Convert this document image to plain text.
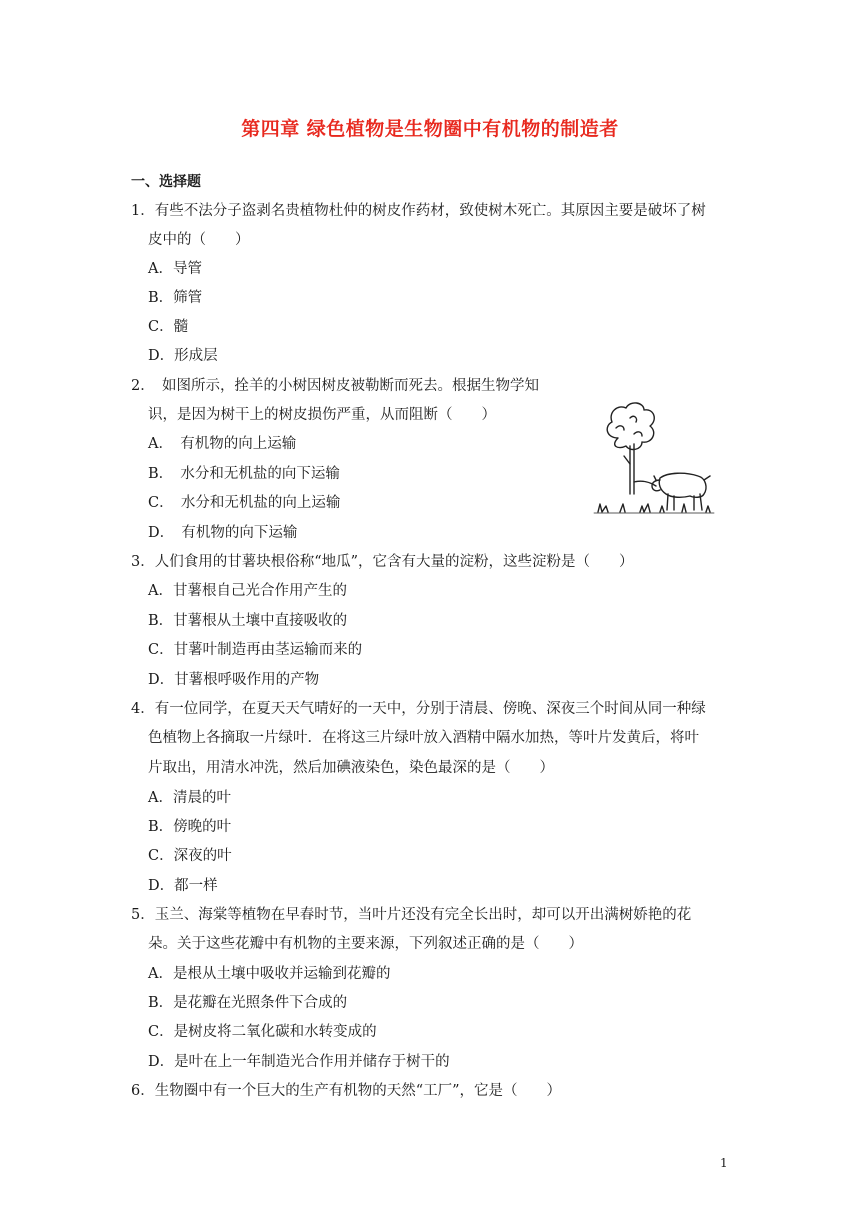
第四章 绿色植物是生物圈中有机物的制造者
一、选择题
1．有些不法分子盗剥名贵植物杜仲的树皮作药材，致使树木死亡。其原因主要是破坏了树
皮中的（　　）
A．导管
B．筛管
C．髓
D．形成层
2．　如图所示，拴羊的小树因树皮被勒断而死去。根据生物学知
识，是因为树干上的树皮损伤严重，从而阻断（　　）
A．　有机物的向上运输
B．　水分和无机盐的向下运输
C．　水分和无机盐的向上运输
D．　有机物的向下运输
3．人们食用的甘薯块根俗称“地瓜”，它含有大量的淀粉，这些淀粉是（　　）
A．甘薯根自己光合作用产生的
B．甘薯根从土壤中直接吸收的
C．甘薯叶制造再由茎运输而来的
D．甘薯根呼吸作用的产物
4．有一位同学，在夏天天气晴好的一天中，分别于清晨、傍晚、深夜三个时间从同一种绿
色植物上各摘取一片绿叶．在将这三片绿叶放入酒精中隔水加热，等叶片发黄后，将叶
片取出，用清水冲洗，然后加碘液染色，染色最深的是（　　）
A．清晨的叶
B．傍晚的叶
C．深夜的叶
D．都一样
5．玉兰、海棠等植物在早春时节，当叶片还没有完全长出时，却可以开出满树娇艳的花
朵。关于这些花瓣中有机物的主要来源，下列叙述正确的是（　　）
A．是根从土壤中吸收并运输到花瓣的
B．是花瓣在光照条件下合成的
C．是树皮将二氧化碳和水转变成的
D．是叶在上一年制造光合作用并储存于树干的
6．生物圈中有一个巨大的生产有机物的天然“工厂”，它是（　　）
1
